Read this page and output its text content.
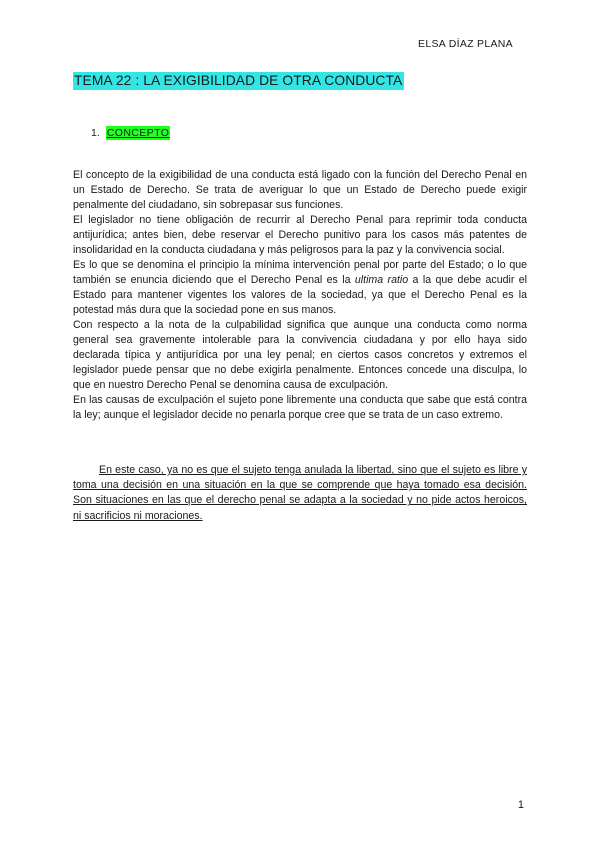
ELSA DÍAZ PLANA
TEMA 22 : LA EXIGIBILIDAD DE OTRA CONDUCTA
1. CONCEPTO

El concepto de la exigibilidad de una conducta está ligado con la función del Derecho Penal en un Estado de Derecho. Se trata de averiguar lo que un Estado de Derecho puede exigir penalmente del ciudadano, sin sobrepasar sus funciones.

El legislador no tiene obligación de recurrir al Derecho Penal para reprimir toda conducta antijurídica; antes bien, debe reservar el Derecho punitivo para los casos más patentes de insolidaridad en la conducta ciudadana y más peligrosos para la paz y la convivencia social.

Es lo que se denomina el principio la mínima intervención penal por parte del Estado; o lo que también se enuncia diciendo que el Derecho Penal es la ultima ratio a la que debe acudir el Estado para mantener vigentes los valores de la sociedad, ya que el Derecho Penal es la potestad más dura que la sociedad pone en sus manos.

Con respecto a la nota de la culpabilidad significa que aunque una conducta como norma general sea gravemente intolerable para la convivencia ciudadana y por ello haya sido declarada típica y antijurídica por una ley penal; en ciertos casos concretos y extremos el legislador puede pensar que no debe exigirla penalmente. Entonces concede una disculpa, lo que en nuestro Derecho Penal se denomina causa de exculpación.

En las causas de exculpación el sujeto pone libremente una conducta que sabe que está contra la ley; aunque el legislador decide no penarla porque cree que se trata de un caso extremo.

En este caso, ya no es que el sujeto tenga anulada la libertad, sino que el sujeto es libre y toma una decisión en una situación en la que se comprende que haya tomado esa decisión. Son situaciones en las que el derecho penal se adapta a la sociedad y no pide actos heroicos, ni sacrificios ni moraciones.

1
